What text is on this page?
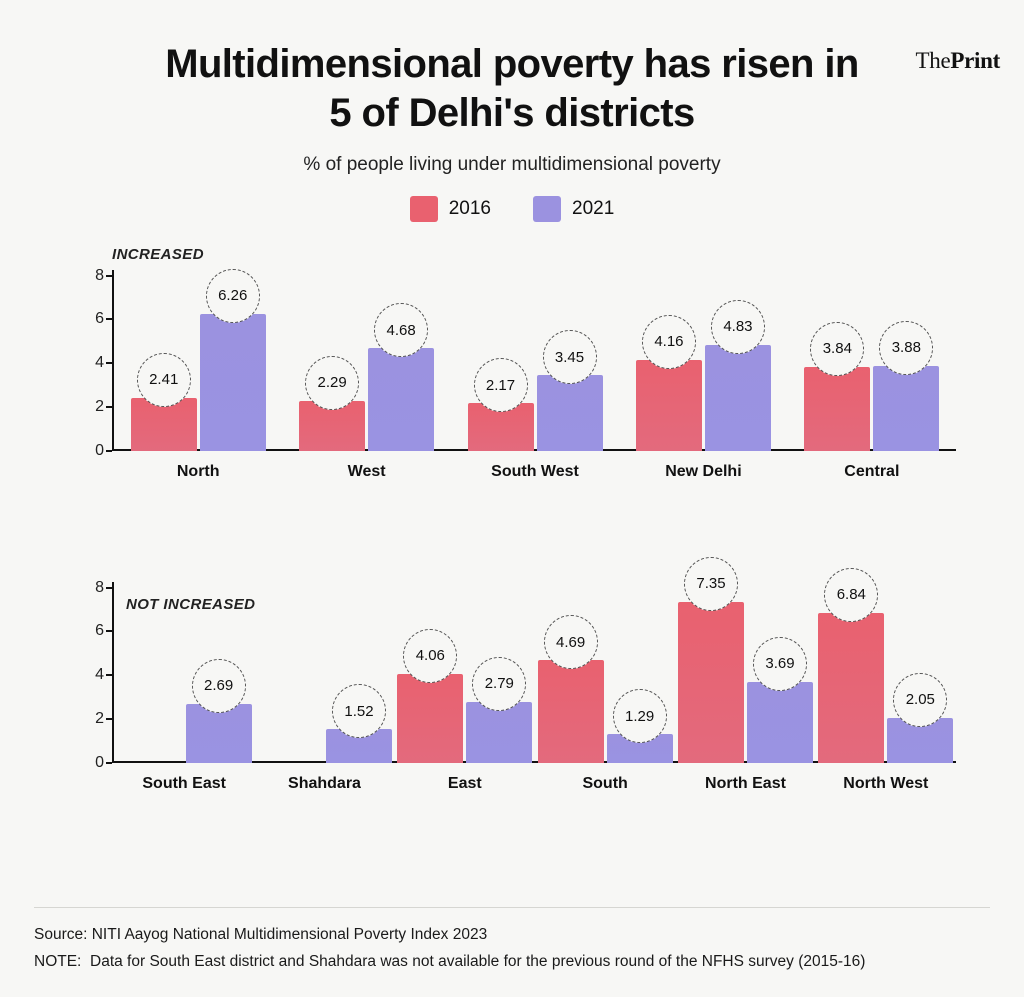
ThePrint
Multidimensional poverty has risen in
5 of Delhi's districts
% of people living under multidimensional poverty
2016	2021
INCREASED
North	West	South West	New Delhi	Central
0
2
4
6
8
2.41
6.26
2.29
4.68
2.17
3.45
4.16
4.83
3.84	3.88
NOT INCREASED
South East	Shahdara	East	South	North East	North West
0
2
4
6
8
2.69
1.52
4.06
2.79
4.69
1.29
7.35
3.69
6.84
2.05
Source: NITI Aayog National Multidimensional Poverty Index 2023
NOTE: Data for South East district and Shahdara was not available for the previous round of the NFHS survey (2015-16)
